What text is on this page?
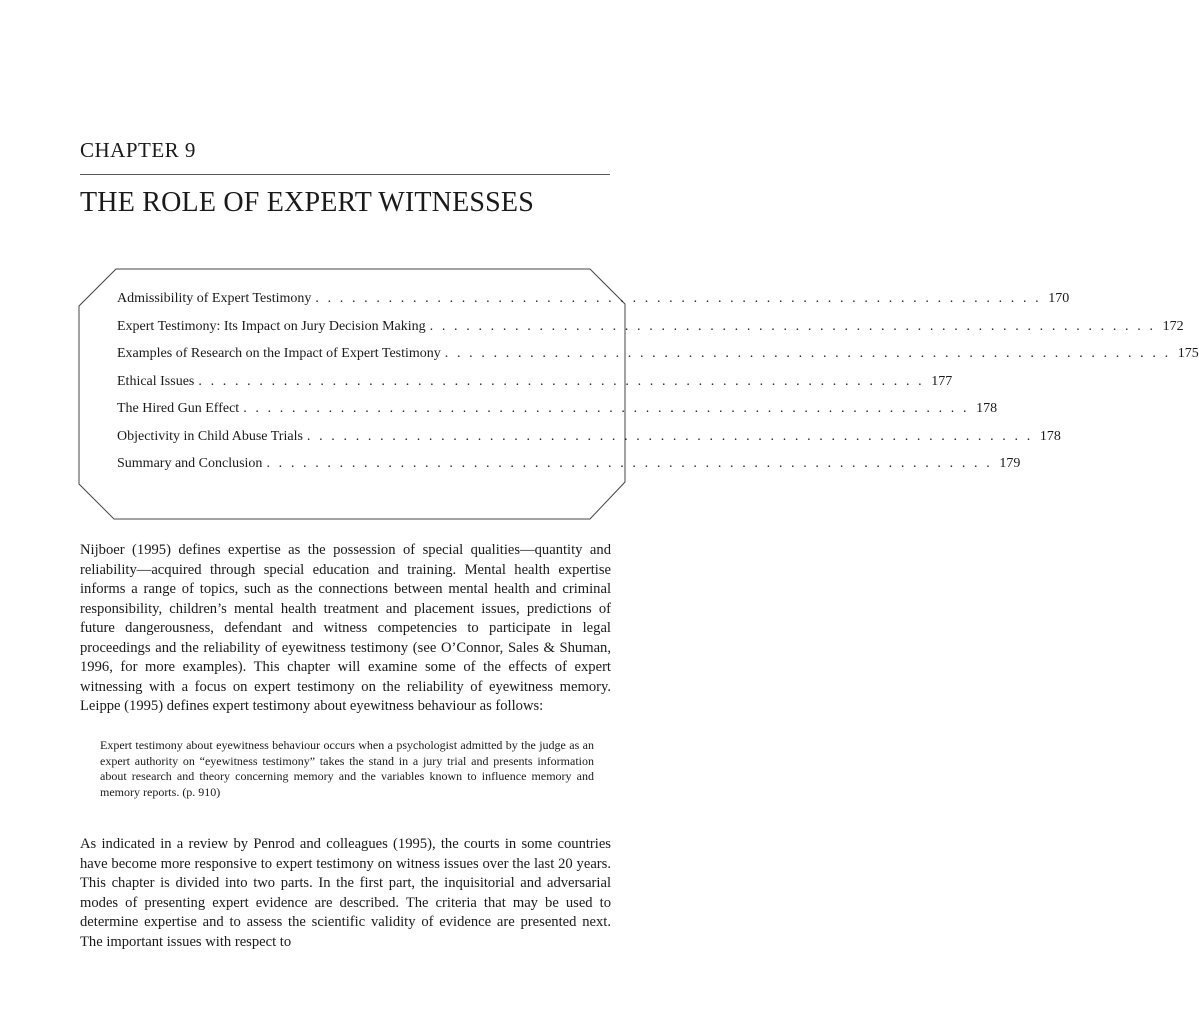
CHAPTER 9
THE ROLE OF EXPERT WITNESSES
Admissibility of Expert Testimony . . . . . . . . . . . . . . . . . . . . . . . . . . . . . . . . . . . . . . . . . . . . . . . . . . . . . . . . . . . . 170
Expert Testimony: Its Impact on Jury Decision Making . . . . . . . . . . . . . . . . . . . . . . . . . . . . . . . . . . . . . . . . . . . . . . . . . . . . . . . . . . . . 172
Examples of Research on the Impact of Expert Testimony . . . . . . . . . . . . . . . . . . . . . . . . . . . . . . . . . . . . . . . . . . . . . . . . . . . . . . . . . . . . 175
Ethical Issues . . . . . . . . . . . . . . . . . . . . . . . . . . . . . . . . . . . . . . . . . . . . . . . . . . . . . . . . . . . . 177
The Hired Gun Effect . . . . . . . . . . . . . . . . . . . . . . . . . . . . . . . . . . . . . . . . . . . . . . . . . . . . . . . . . . . . 178
Objectivity in Child Abuse Trials . . . . . . . . . . . . . . . . . . . . . . . . . . . . . . . . . . . . . . . . . . . . . . . . . . . . . . . . . . . . 178
Summary and Conclusion . . . . . . . . . . . . . . . . . . . . . . . . . . . . . . . . . . . . . . . . . . . . . . . . . . . . . . . . . . . . 179

Nijboer (1995) defines expertise as the possession of special qualities—quantity and reliability—acquired through special education and training. Mental health expertise informs a range of topics, such as the connections between mental health and criminal responsibility, children’s mental health treatment and placement issues, predictions of future dangerousness, defendant and witness competencies to participate in legal proceedings and the reliability of eyewitness testimony (see O’Connor, Sales & Shuman, 1996, for more examples). This chapter will examine some of the effects of expert witnessing with a focus on expert testimony on the reliability of eyewitness memory. Leippe (1995) defines expert testimony about eyewitness behaviour as follows:

Expert testimony about eyewitness behaviour occurs when a psychologist admitted by the judge as an expert authority on “eyewitness testimony” takes the stand in a jury trial and presents information about research and theory concerning memory and the variables known to influence memory and memory reports. (p. 910)

As indicated in a review by Penrod and colleagues (1995), the courts in some countries have become more responsive to expert testimony on witness issues over the last 20 years. This chapter is divided into two parts. In the first part, the inquisitorial and adversarial modes of presenting expert evidence are described. The criteria that may be used to determine expertise and to assess the scientific validity of evidence are presented next. The important issues with respect to
